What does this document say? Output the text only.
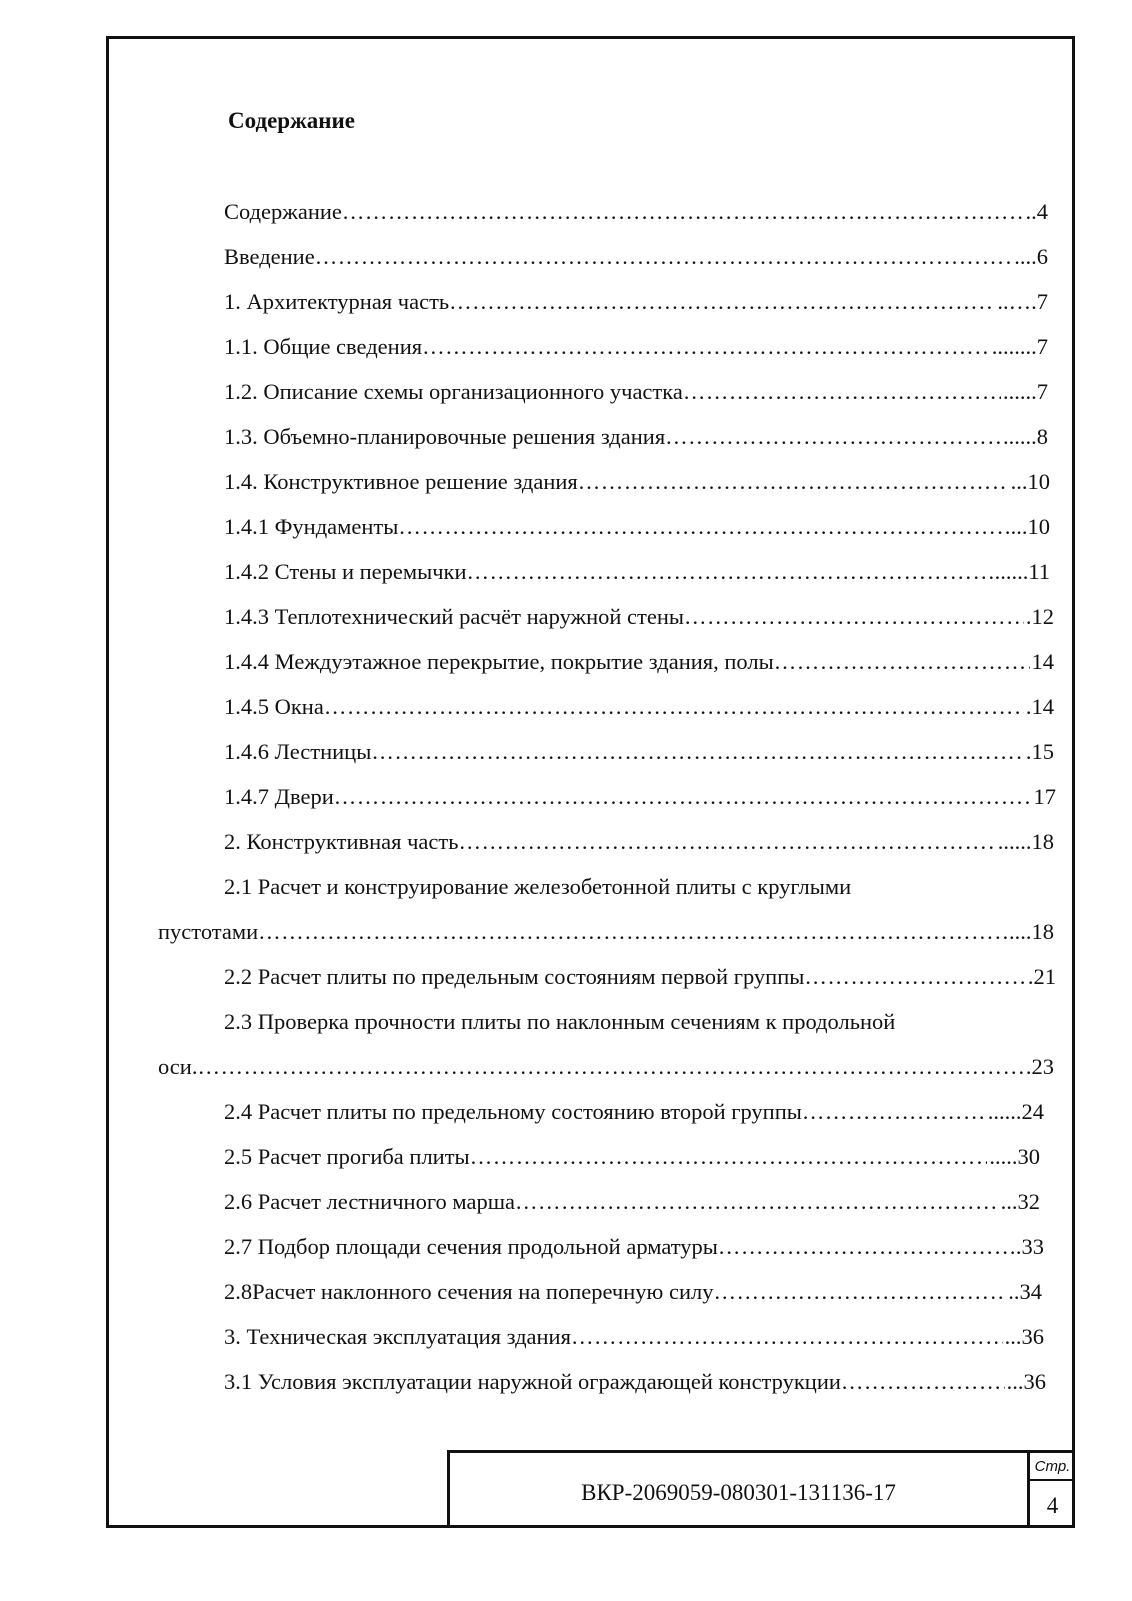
Содержание
Содержание ………………………………………………………………………………………………………………………………………………………………………………………………	..4
Введение ………………………………………………………………………………………………………………………………………………………………………………………………	....6
1. Архитектурная часть ………………………………………………………………………………………………………………………………………………………………………………………………	..….7
1.1. Общие сведения ………………………………………………………………………………………………………………………………………………………………………………………………	........7
1.2. Описание схемы организационного участка ………………………………………………………………………………………………………………………………………………………………………………………………	......7
1.3. Объемно-планировочные решения здания ………………………………………………………………………………………………………………………………………………………………………………………………	......8
1.4. Конструктивное решение здания ………………………………………………………………………………………………………………………………………………………………………………………………	...10
1.4.1 Фундаменты ………………………………………………………………………………………………………………………………………………………………………………………………	...10
1.4.2 Стены и перемычки ………………………………………………………………………………………………………………………………………………………………………………………………	......11
1.4.3 Теплотехнический расчёт наружной стены ………………………………………………………………………………………………………………………………………………………………………………………………	.12
1.4.4 Междуэтажное перекрытие, покрытие здания, полы ………………………………………………………………………………………………………………………………………………………………………………………………	14
1.4.5 Окна ………………………………………………………………………………………………………………………………………………………………………………………………	.14
1.4.6 Лестницы ………………………………………………………………………………………………………………………………………………………………………………………………	.15
1.4.7 Двери ………………………………………………………………………………………………………………………………………………………………………………………………	17
2. Конструктивная часть ………………………………………………………………………………………………………………………………………………………………………………………………	......18
2.1 Расчет и конструирование железобетонной плиты с круглыми
пустотами ………………………………………………………………………………………………………………………………………………………………………………………………	....18
2.2 Расчет плиты по предельным состояниям первой группы ………………………………………………………………………………………………………………………………………………………………………………………………	.21
2.3 Проверка прочности плиты по наклонным сечениям к продольной
оси. ………………………………………………………………………………………………………………………………………………………………………………………………	.23
2.4 Расчет плиты по предельному состоянию второй группы ………………………………………………………………………………………………………………………………………………………………………………………………	......24
2.5 Расчет прогиба плиты ………………………………………………………………………………………………………………………………………………………………………………………………	.....30
2.6 Расчет лестничного марша ………………………………………………………………………………………………………………………………………………………………………………………………	...32
2.7 Подбор площади сечения продольной арматуры ………………………………………………………………………………………………………………………………………………………………………………………………	.33
2.8Расчет наклонного сечения на поперечную силу ………………………………………………………………………………………………………………………………………………………………………………………………	..34
3. Техническая эксплуатация здания ………………………………………………………………………………………………………………………………………………………………………………………………	...36
3.1 Условия эксплуатации наружной ограждающей конструкции ………………………………………………………………………………………………………………………………………………………………………………………………	...36
ВКР-2069059-080301-131136-17
Стр.
4
